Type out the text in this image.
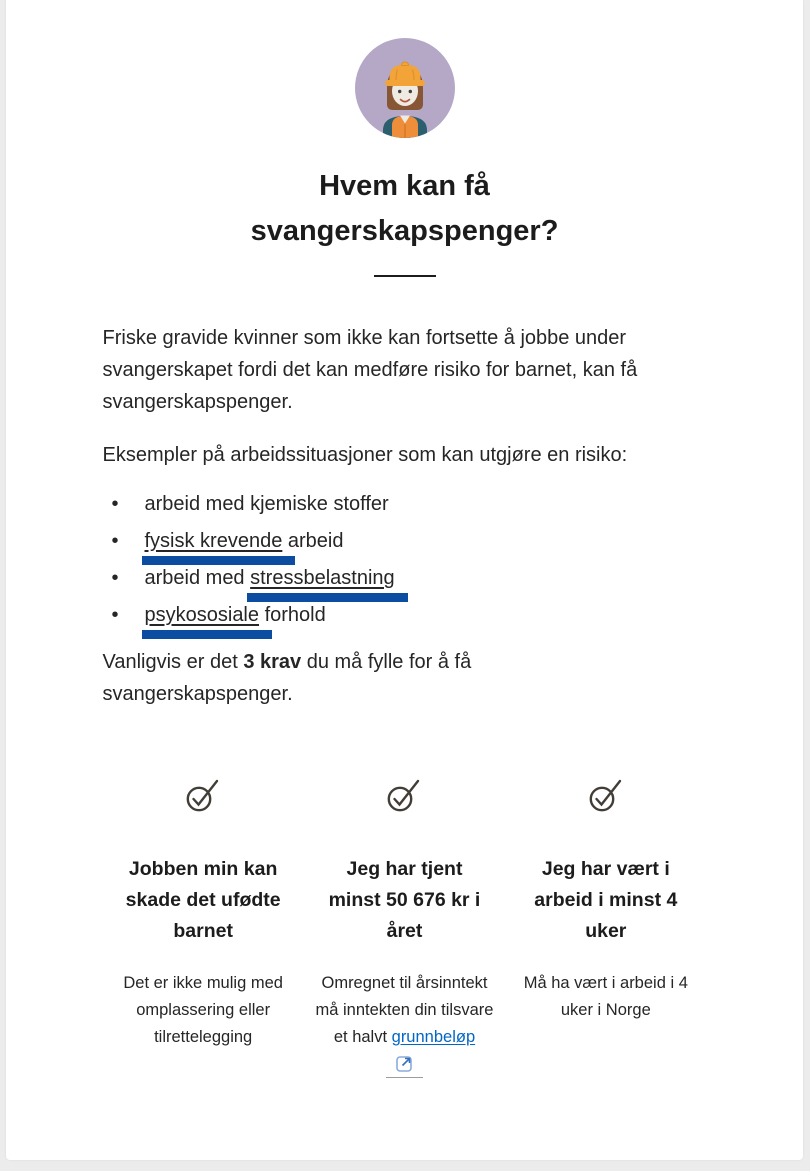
Hvem kan få svangerskapspenger?

Friske gravide kvinner som ikke kan fortsette å jobbe under svangerskapet fordi det kan medføre risiko for barnet, kan få svangerskapspenger.

Eksempler på arbeidssituasjoner som kan utgjøre en risiko:

• arbeid med kjemiske stoffer
• fysisk krevende arbeid
• arbeid med stressbelastning
• psykososiale forhold

Vanligvis er det 3 krav du må fylle for å få svangerskapspenger.

Jobben min kan skade det ufødte barnet

Det er ikke mulig med omplassering eller tilrettelegging

Jeg har tjent minst 50 676 kr i året

Omregnet til årsinntekt må inntekten din tilsvare et halvt grunnbeløp

Jeg har vært i arbeid i minst 4 uker

Må ha vært i arbeid i 4 uker i Norge
